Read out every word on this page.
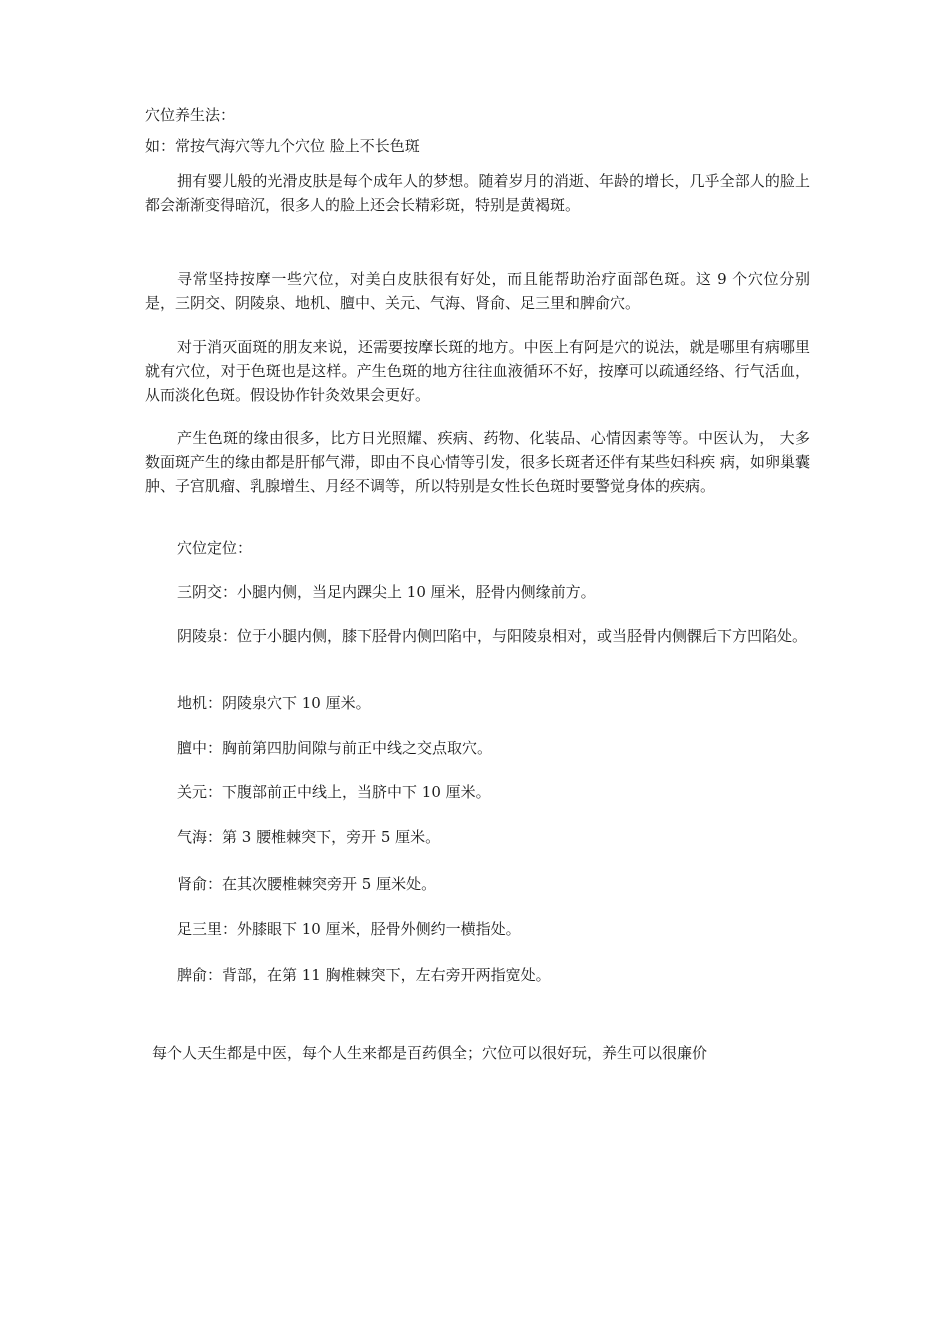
穴位养生法：

如：常按气海穴等九个穴位 脸上不长色斑

拥有婴儿般的光滑皮肤是每个成年人的梦想。随着岁月的消逝、年龄的增长，几乎全部人的脸上都会渐渐变得暗沉，很多人的脸上还会长精彩斑，特别是黄褐斑。

寻常坚持按摩一些穴位，对美白皮肤很有好处，而且能帮助治疗面部色斑。这 9 个穴位分别是，三阴交、阴陵泉、地机、膻中、关元、气海、肾俞、足三里和脾俞穴。

对于消灭面斑的朋友来说，还需要按摩长斑的地方。中医上有阿是穴的说法，就是哪里有病哪里就有穴位，对于色斑也是这样。产生色斑的地方往往血液循环不好，按摩可以疏通经络、行气活血，从而淡化色斑。假设协作针灸效果会更好。

产生色斑的缘由很多，比方日光照耀、疾病、药物、化装品、心情因素等等。中医认为， 大多数面斑产生的缘由都是肝郁气滞，即由不良心情等引发，很多长斑者还伴有某些妇科疾 病，如卵巢囊肿、子宫肌瘤、乳腺增生、月经不调等，所以特别是女性长色斑时要警觉身体的疾病。

穴位定位：

三阴交：小腿内侧，当足内踝尖上 10 厘米，胫骨内侧缘前方。

阴陵泉：位于小腿内侧，膝下胫骨内侧凹陷中，与阳陵泉相对，或当胫骨内侧髁后下方凹陷处。

地机：阴陵泉穴下 10 厘米。

膻中：胸前第四肋间隙与前正中线之交点取穴。

关元：下腹部前正中线上，当脐中下 10 厘米。

气海：第 3 腰椎棘突下，旁开 5 厘米。

肾俞：在其次腰椎棘突旁开 5 厘米处。

足三里：外膝眼下 10 厘米，胫骨外侧约一横指处。

脾俞：背部，在第 11 胸椎棘突下，左右旁开两指宽处。

每个人天生都是中医，每个人生来都是百药俱全；穴位可以很好玩，养生可以很廉价
